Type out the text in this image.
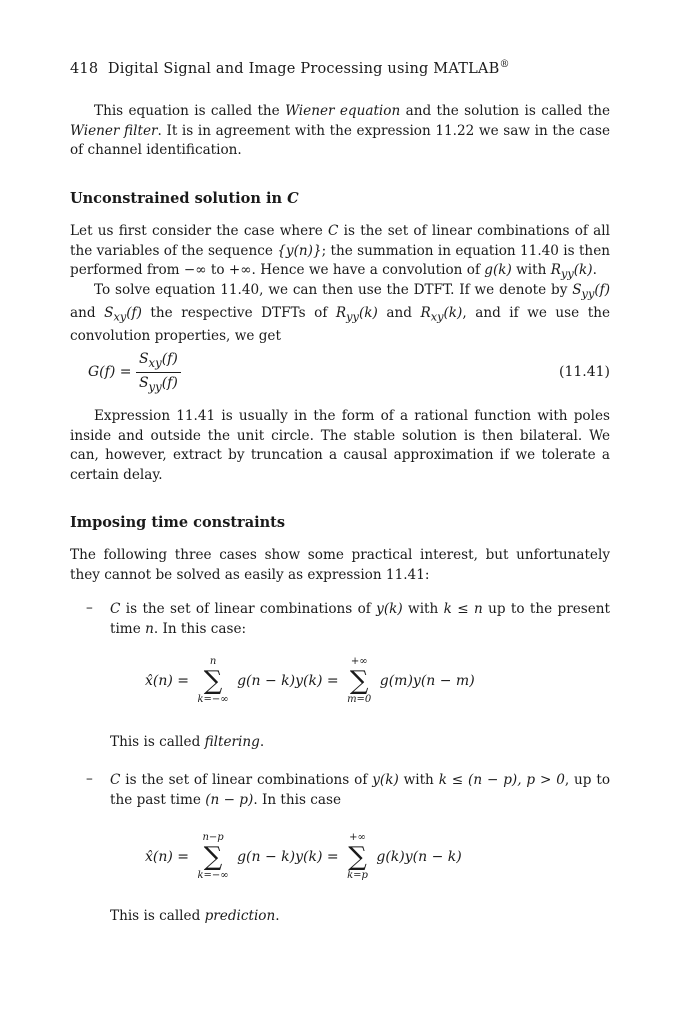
418 Digital Signal and Image Processing using MATLAB®
This equation is called the Wiener equation and the solution is called the Wiener filter. It is in agreement with the expression 11.22 we saw in the case of channel identification.
Unconstrained solution in C
Let us first consider the case where C is the set of linear combinations of all the variables of the sequence {y(n)}; the summation in equation 11.40 is then performed from −∞ to +∞. Hence we have a convolution of g(k) with $R_{yy}(k)$.
To solve equation 11.40, we can then use the DTFT. If we denote by $S_{yy}(f)$ and $S_{xy}(f)$ the respective DTFTs of $R_{yy}(k)$ and $R_{xy}(k)$, and if we use the convolution properties, we get
$G(f) = \frac{S_{xy}(f)}{S_{yy}(f)}$	(11.41)
Expression 11.41 is usually in the form of a rational function with poles inside and outside the unit circle. The stable solution is then bilateral. We can, however, extract by truncation a causal approximation if we tolerate a certain delay.
Imposing time constraints
The following three cases show some practical interest, but unfortunately they cannot be solved as easily as expression 11.41:
– C is the set of linear combinations of y(k) with k ≤ n up to the present time n. In this case:
x̂(n) =
n
∑
k=−∞
g(n − k)y(k) =
+∞
∑
m=0
g(m)y(n − m)
This is called filtering.
– C is the set of linear combinations of y(k) with k ≤ (n − p), p > 0, up to the past time (n − p). In this case
x̂(n) =
n−p
∑
k=−∞
g(n − k)y(k) =
+∞
∑
k=p
g(k)y(n − k)
This is called prediction.
